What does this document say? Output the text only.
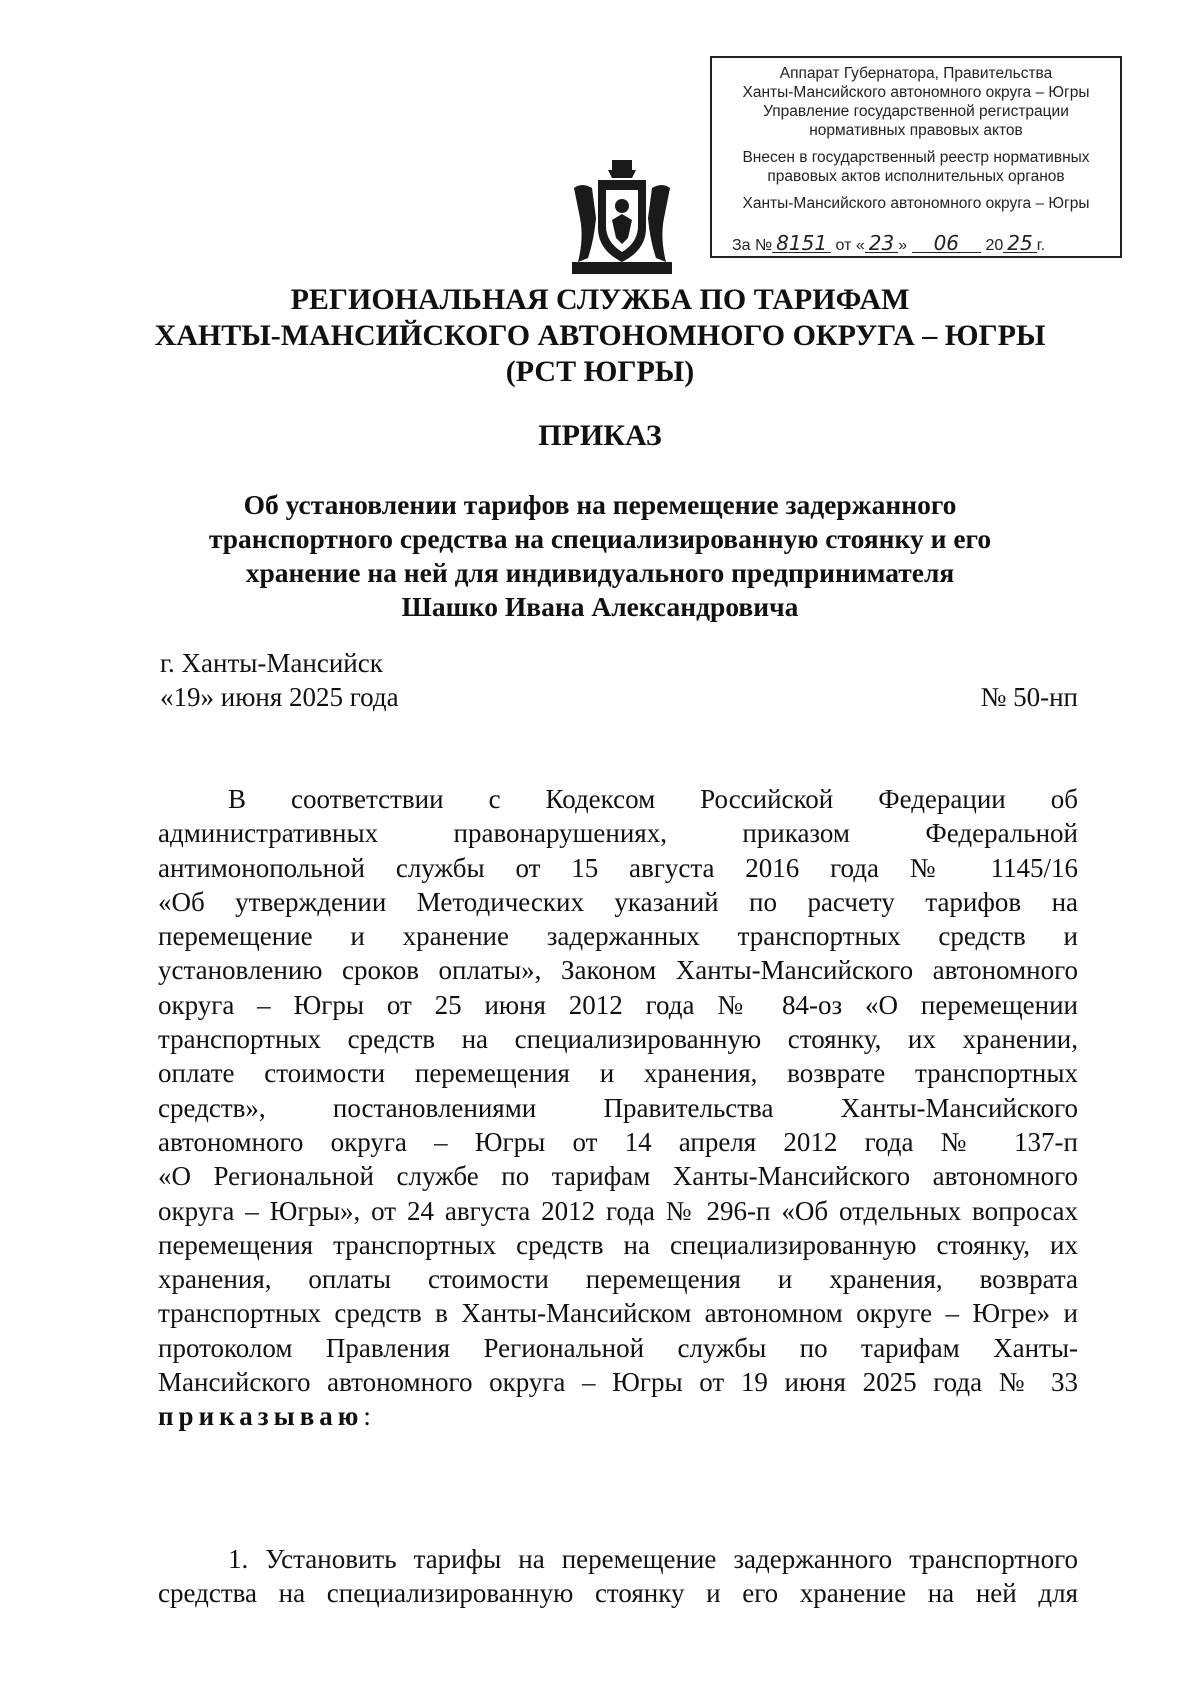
Аппарат Губернатора, Правительства
Ханты-Мансийского автономного округа – Югры
Управление государственной регистрации
нормативных правовых актов
Внесен в государственный реестр нормативных
правовых актов исполнительных органов
Ханты-Мансийского автономного округа – Югры
За № 8151 от « 23 » 06 20 25 г.
РЕГИОНАЛЬНАЯ СЛУЖБА ПО ТАРИФАМ
ХАНТЫ-МАНСИЙСКОГО АВТОНОМНОГО ОКРУГА – ЮГРЫ
(РСТ ЮГРЫ)
ПРИКАЗ
Об установлении тарифов на перемещение задержанного
транспортного средства на специализированную стоянку и его
хранение на ней для индивидуального предпринимателя
Шашко Ивана Александровича
г. Ханты-Мансийск
«19» июня 2025 года	№ 50-нп
В соответствии с Кодексом Российской Федерации об
административных правонарушениях, приказом Федеральной
антимонопольной службы от 15 августа 2016 года № 1145/16
«Об утверждении Методических указаний по расчету тарифов на
перемещение и хранение задержанных транспортных средств и
установлению сроков оплаты», Законом Ханты-Мансийского автономного
округа – Югры от 25 июня 2012 года № 84-оз «О перемещении
транспортных средств на специализированную стоянку, их хранении,
оплате стоимости перемещения и хранения, возврате транспортных
средств», постановлениями Правительства Ханты-Мансийского
автономного округа – Югры от 14 апреля 2012 года № 137-п
«О Региональной службе по тарифам Ханты-Мансийского автономного
округа – Югры», от 24 августа 2012 года № 296-п «Об отдельных вопросах
перемещения транспортных средств на специализированную стоянку, их
хранения, оплаты стоимости перемещения и хранения, возврата
транспортных средств в Ханты-Мансийском автономном округе – Югре» и
протоколом Правления Региональной службы по тарифам Ханты-
Мансийского автономного округа – Югры от 19 июня 2025 года № 33
приказываю:
1. Установить тарифы на перемещение задержанного транспортного
средства на специализированную стоянку и его хранение на ней для
